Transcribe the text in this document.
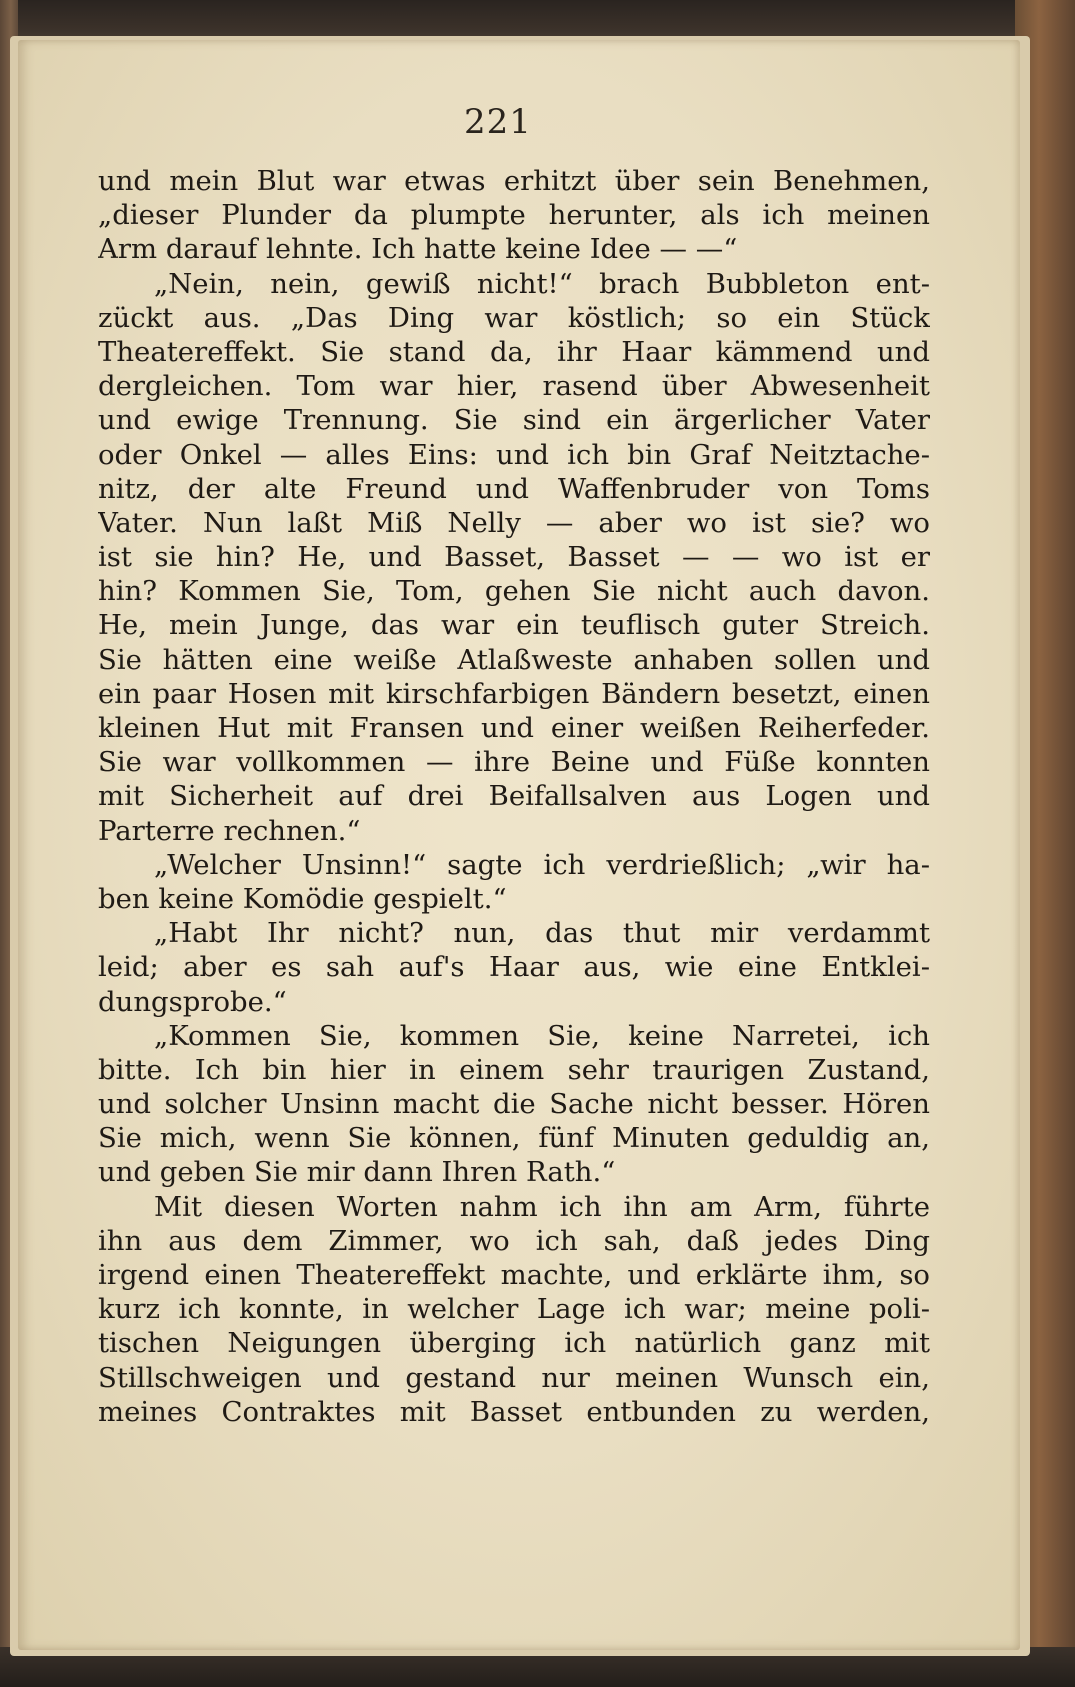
221
und mein Blut war etwas erhitzt über sein Benehmen,
„dieser Plunder da plumpte herunter, als ich meinen
Arm darauf lehnte. Ich hatte keine Idee — —“
„Nein, nein, gewiß nicht!“ brach Bubbleton ent-
zückt aus. „Das Ding war köstlich; so ein Stück
Theatereffekt. Sie stand da, ihr Haar kämmend und
dergleichen. Tom war hier, rasend über Abwesenheit
und ewige Trennung. Sie sind ein ärgerlicher Vater
oder Onkel — alles Eins: und ich bin Graf Neitztache-
nitz, der alte Freund und Waffenbruder von Toms
Vater. Nun laßt Miß Nelly — aber wo ist sie? wo
ist sie hin? He, und Basset, Basset — — wo ist er
hin? Kommen Sie, Tom, gehen Sie nicht auch davon.
He, mein Junge, das war ein teuflisch guter Streich.
Sie hätten eine weiße Atlaßweste anhaben sollen und
ein paar Hosen mit kirschfarbigen Bändern besetzt, einen
kleinen Hut mit Fransen und einer weißen Reiherfeder.
Sie war vollkommen — ihre Beine und Füße konnten
mit Sicherheit auf drei Beifallsalven aus Logen und
Parterre rechnen.“
„Welcher Unsinn!“ sagte ich verdrießlich; „wir ha-
ben keine Komödie gespielt.“
„Habt Ihr nicht? nun, das thut mir verdammt
leid; aber es sah auf's Haar aus, wie eine Entklei-
dungsprobe.“
„Kommen Sie, kommen Sie, keine Narretei, ich
bitte. Ich bin hier in einem sehr traurigen Zustand,
und solcher Unsinn macht die Sache nicht besser. Hören
Sie mich, wenn Sie können, fünf Minuten geduldig an,
und geben Sie mir dann Ihren Rath.“
Mit diesen Worten nahm ich ihn am Arm, führte
ihn aus dem Zimmer, wo ich sah, daß jedes Ding
irgend einen Theatereffekt machte, und erklärte ihm, so
kurz ich konnte, in welcher Lage ich war; meine poli-
tischen Neigungen überging ich natürlich ganz mit
Stillschweigen und gestand nur meinen Wunsch ein,
meines Contraktes mit Basset entbunden zu werden,
